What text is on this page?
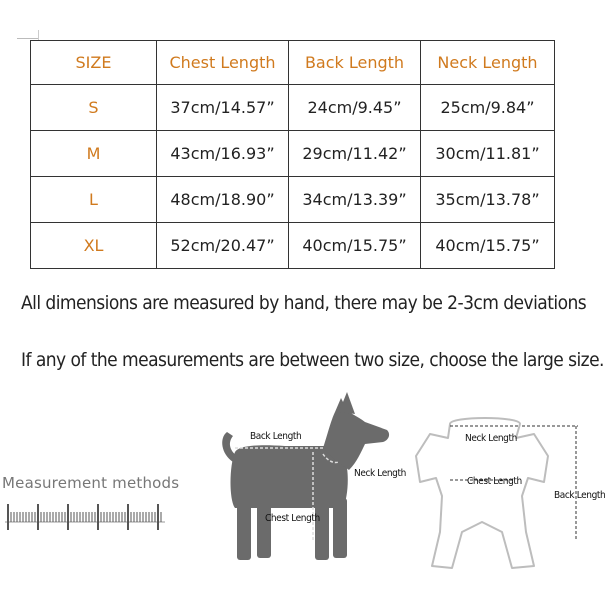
SIZE	Chest Length	Back Length	Neck Length
S	37cm/14.57”	24cm/9.45”	25cm/9.84”
M	43cm/16.93”	29cm/11.42”	30cm/11.81”
L	48cm/18.90”	34cm/13.39”	35cm/13.78”
XL	52cm/20.47”	40cm/15.75”	40cm/15.75”
All dimensions are measured by hand, there may be 2-3cm deviations
If any of the measurements are between two size, choose the large size.
Measurement methods
Back Length
Neck Length
Chest Length
Neck Length
Chest Length
Back Length
